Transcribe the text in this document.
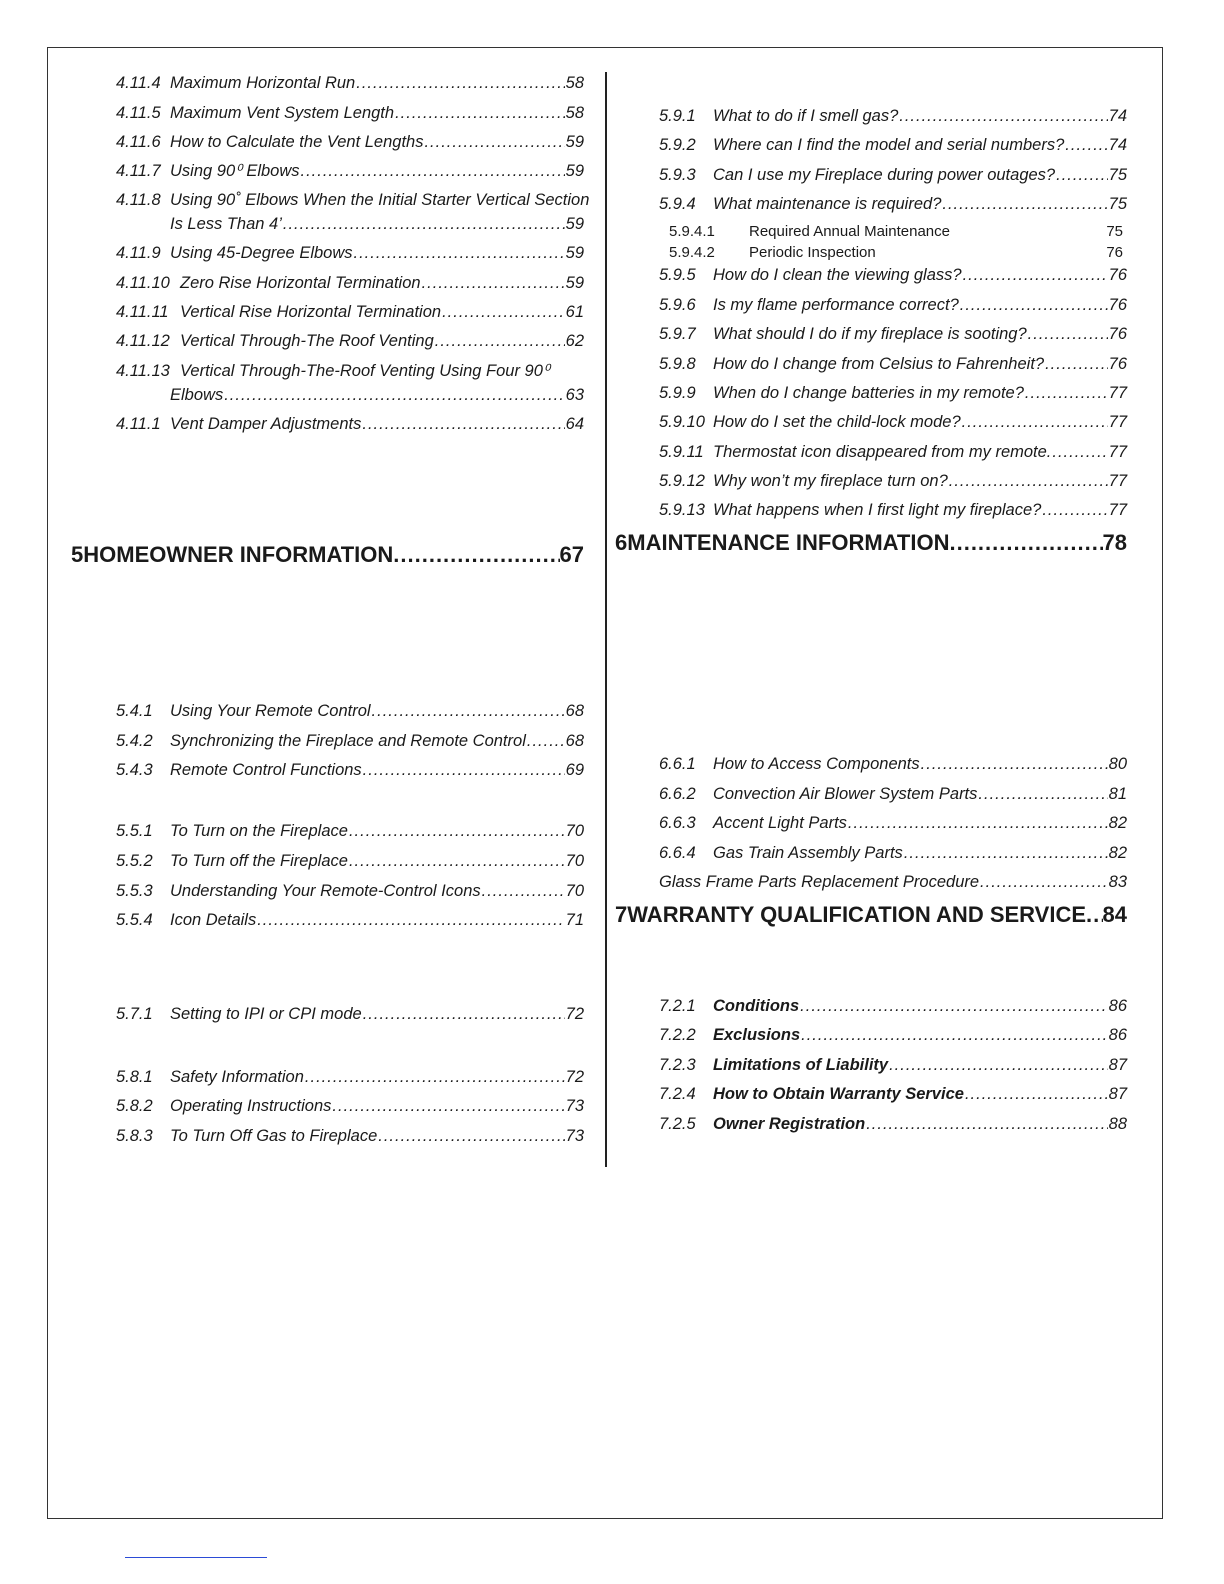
4.11.4 Maximum Horizontal Run .....	58
4.11.5 Maximum Vent System Length .....	58
4.11.6 How to Calculate the Vent Lengths .....	59
4.11.7 Using 90⁰ Elbows .....	59
4.11.8 Using 90˚ Elbows When the Initial Starter Vertical Section
Is Less Than 4’ .....	59
4.11.9 Using 45-Degree Elbows .....	59
4.11.10 Zero Rise Horizontal Termination .....	59
4.11.11 Vertical Rise Horizontal Termination .....	61
4.11.12 Vertical Through-The Roof Venting .....	62
4.11.13 Vertical Through-The-Roof Venting Using Four 90⁰
Elbows .....	63
4.11.1 Vent Damper Adjustments .....	64
5 HOMEOWNER INFORMATION .....	67
5.4.1	Using Your Remote Control .....	68
5.4.2	Synchronizing the Fireplace and Remote Control ..... 68
5.4.3	Remote Control Functions .....	69
5.5.1	To Turn on the Fireplace .....	70
5.5.2	To Turn off the Fireplace .....	70
5.5.3	Understanding Your Remote-Control Icons .....	70
5.5.4	Icon Details .....	71
5.7.1	Setting to IPI or CPI mode .....	72
5.8.1	Safety Information .....	72
5.8.2	Operating Instructions .....	73
5.8.3	To Turn Off Gas to Fireplace .....	73
5.9.1	What to do if I smell gas? .....	74
5.9.2	Where can I find the model and serial numbers? .....	74
5.9.3	Can I use my Fireplace during power outages? .....	75
5.9.4	What maintenance is required? .....	75
5.9.4.1	Required Annual Maintenance	75
5.9.4.2	Periodic Inspection	76
5.9.5	How do I clean the viewing glass? .....	76
5.9.6	Is my flame performance correct? .....	76
5.9.7	What should I do if my fireplace is sooting? .....	76
5.9.8	How do I change from Celsius to Fahrenheit? .....	76
5.9.9	When do I change batteries in my remote? .....	77
5.9.10 How do I set the child-lock mode? .....	77
5.9.11 Thermostat icon disappeared from my remote. .....	77
5.9.12 Why won’t my fireplace turn on? .....	77
5.9.13 What happens when I first light my fireplace? .....	77
6 MAINTENANCE INFORMATION .....	78
6.6.1	How to Access Components .....	80
6.6.2	Convection Air Blower System Parts .....	81
6.6.3	Accent Light Parts .....	82
6.6.4	Gas Train Assembly Parts .....	82
Glass Frame Parts Replacement Procedure .....	83
7 WARRANTY QUALIFICATION AND SERVICE ..... 84
7.2.1	Conditions .....	86
7.2.2	Exclusions .....	86
7.2.3	Limitations of Liability .....	87
7.2.4	How to Obtain Warranty Service .....	87
7.2.5	Owner Registration .....	88
